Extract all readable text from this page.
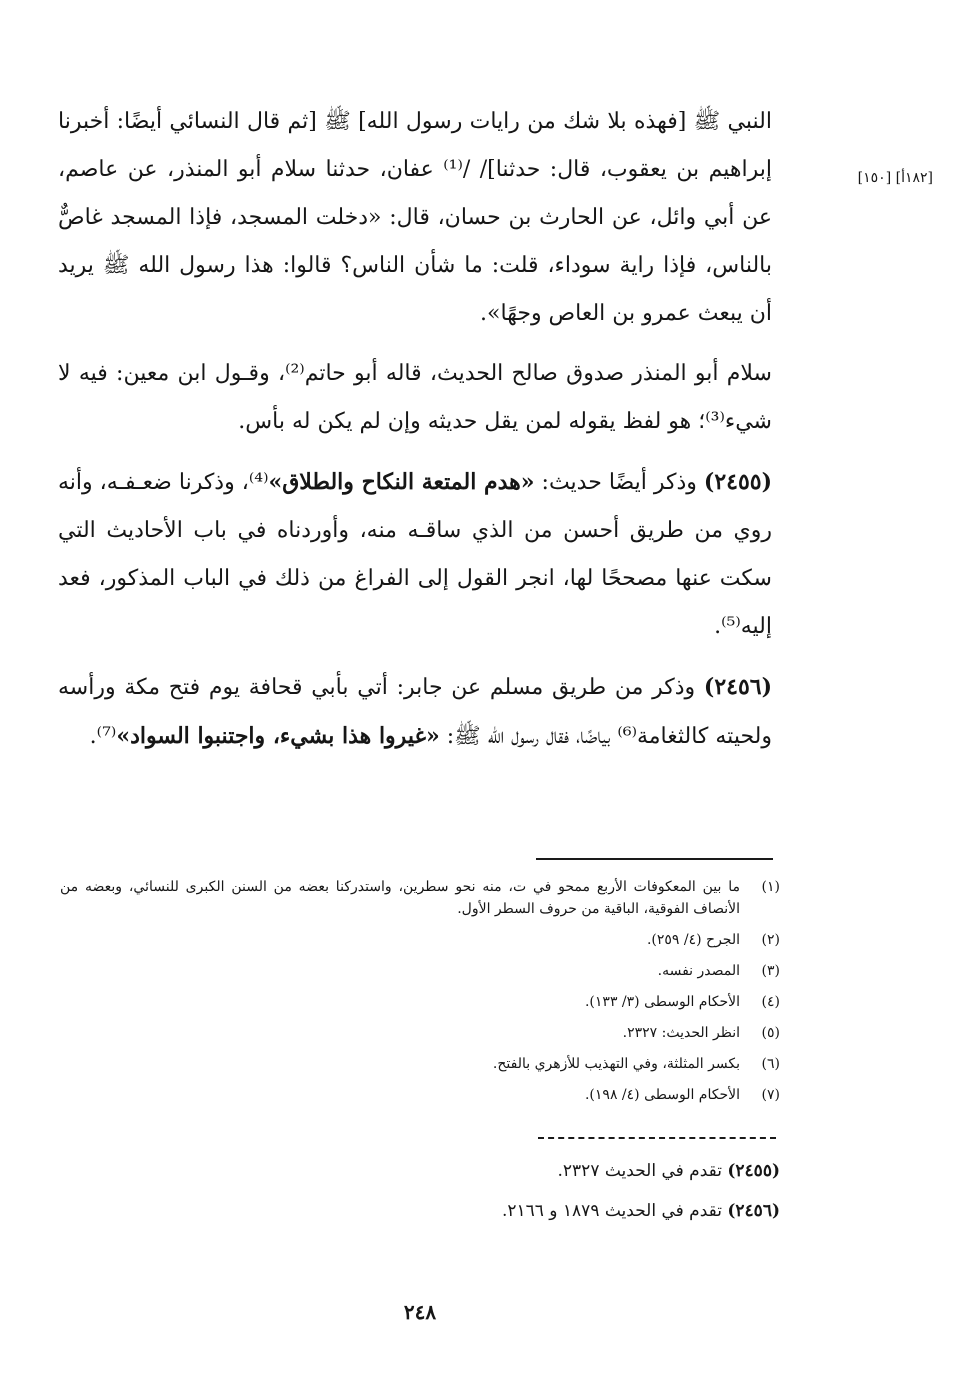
[١٨٢أ] [١٥٠]

النبي ﷺ [فهذه بلا شك من رايات رسول الله] ﷺ [ثم قال النسائي أيضًا: أخبرنا إبراهيم بن يعقوب، قال: حدثنا]/ /⁽¹⁾ عفان، حدثنا سلام أبو المنذر، عن عاصم، عن أبي وائل، عن الحارث بن حسان، قال: «دخلت المسجد، فإذا المسجد غاصٌّ بالناس، فإذا راية سوداء، قلت: ما شأن الناس؟ قالوا: هذا رسول الله ﷺ يريد أن يبعث عمرو بن العاص وجهًا».

سلام أبو المنذر صدوق صالح الحديث، قاله أبو حاتم⁽²⁾، وقـول ابن معين: فيه لا شيء⁽³⁾؛ هو لفظ يقوله لمن يقل حديثه وإن لم يكن له بأس.

(٢٤٥٥) وذكر أيضًا حديث: «هدم المتعة النكاح والطلاق»⁽⁴⁾، وذكرنا ضعـفـه، وأنه روي من طريق أحسن من الذي ساقـه منه، وأوردناه في باب الأحاديث التي سكت عنها مصححًا لها، انجر القول إلى الفراغ من ذلك في الباب المذكور، فعد إليه⁽⁵⁾.

(٢٤٥٦) وذكر من طريق مسلم عن جابر: أتي بأبي قحافة يوم فتح مكة ورأسه ولحيته كالثغامة⁽⁶⁾ بياضًا، فقال رسول الله ﷺ: «غيروا هذا بشيء، واجتنبوا السواد»⁽⁷⁾.

(١)
ما بين المعكوفات الأربع ممحو في ت، منه نحو سطرين، واستدركنا بعضه من السنن الكبرى للنسائي، وبعضه من الأنصاف الفوقية، الباقية من حروف السطر الأول.
(٢)
الجرح (٤/ ٢٥٩).
(٣)
المصدر نفسه.
(٤)
الأحكام الوسطى (٣/ ١٣٣).
(٥)
انظر الحديث: ٢٣٢٧.
(٦)
بكسر المثلثة، وفي التهذيب للأزهري بالفتح.
(٧)
الأحكام الوسطى (٤/ ١٩٨).
(٢٤٥٥) تقدم في الحديث ٢٣٢٧.
(٢٤٥٦) تقدم في الحديث ١٨٧٩ و ٢١٦٦.
٢٤٨
